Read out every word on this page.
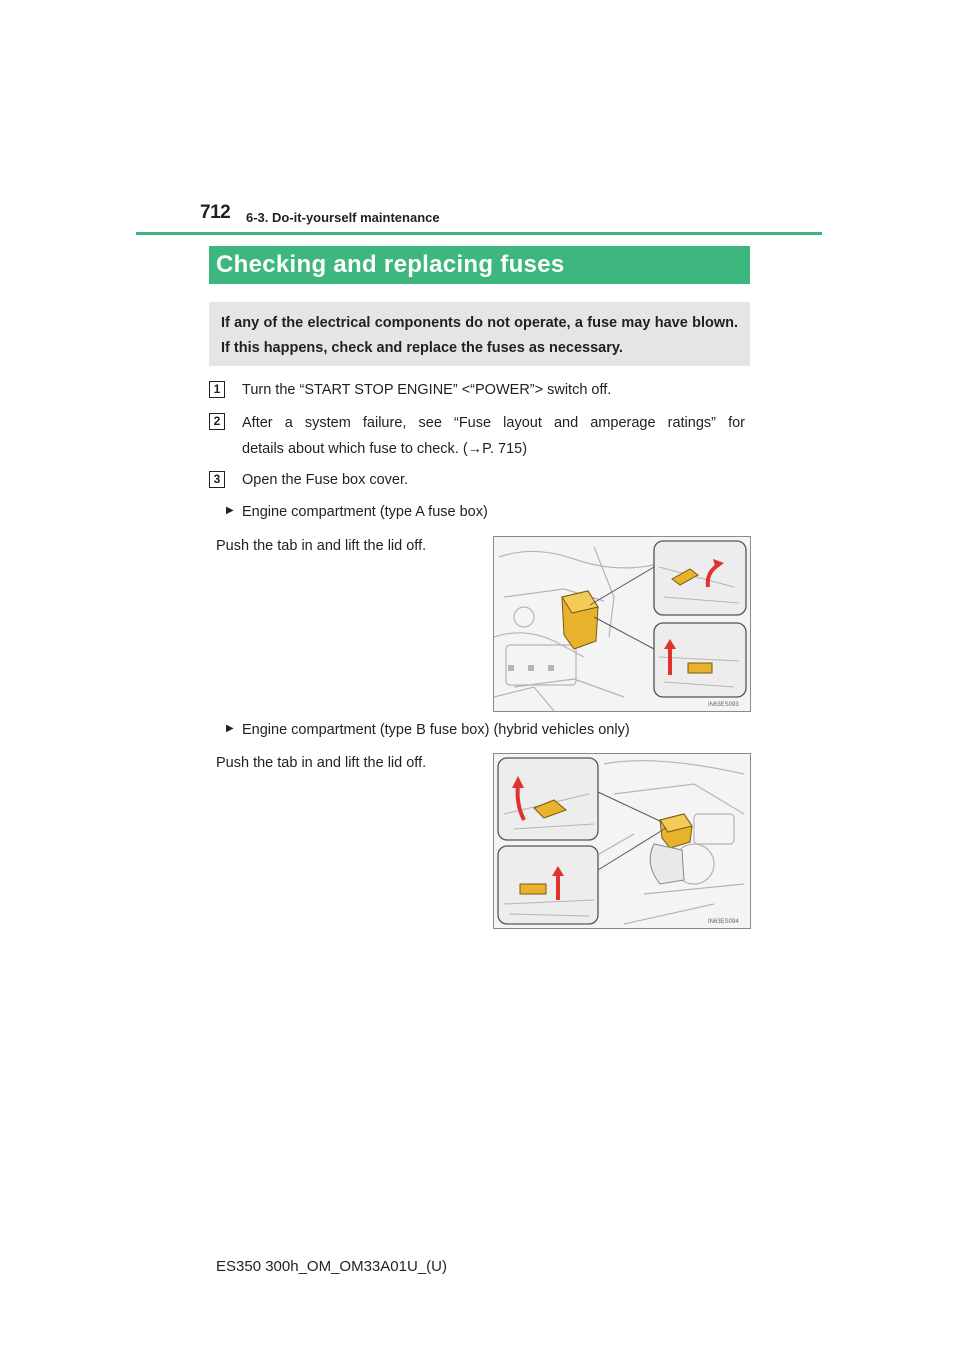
712 6-3. Do-it-yourself maintenance
Checking and replacing fuses
If any of the electrical components do not operate, a fuse may have blown. If this happens, check and replace the fuses as necessary.
1	Turn the “START STOP ENGINE” <“POWER”> switch off.
2	After a system failure, see “Fuse layout and amperage ratings” for
details about which fuse to check. (→P. 715)
3	Open the Fuse box cover.
▶ Engine compartment (type A fuse box)
Push the tab in and lift the lid off.
IN63ES093
▶ Engine compartment (type B fuse box) (hybrid vehicles only)
Push the tab in and lift the lid off.
IN63ES094
ES350 300h_OM_OM33A01U_(U)
